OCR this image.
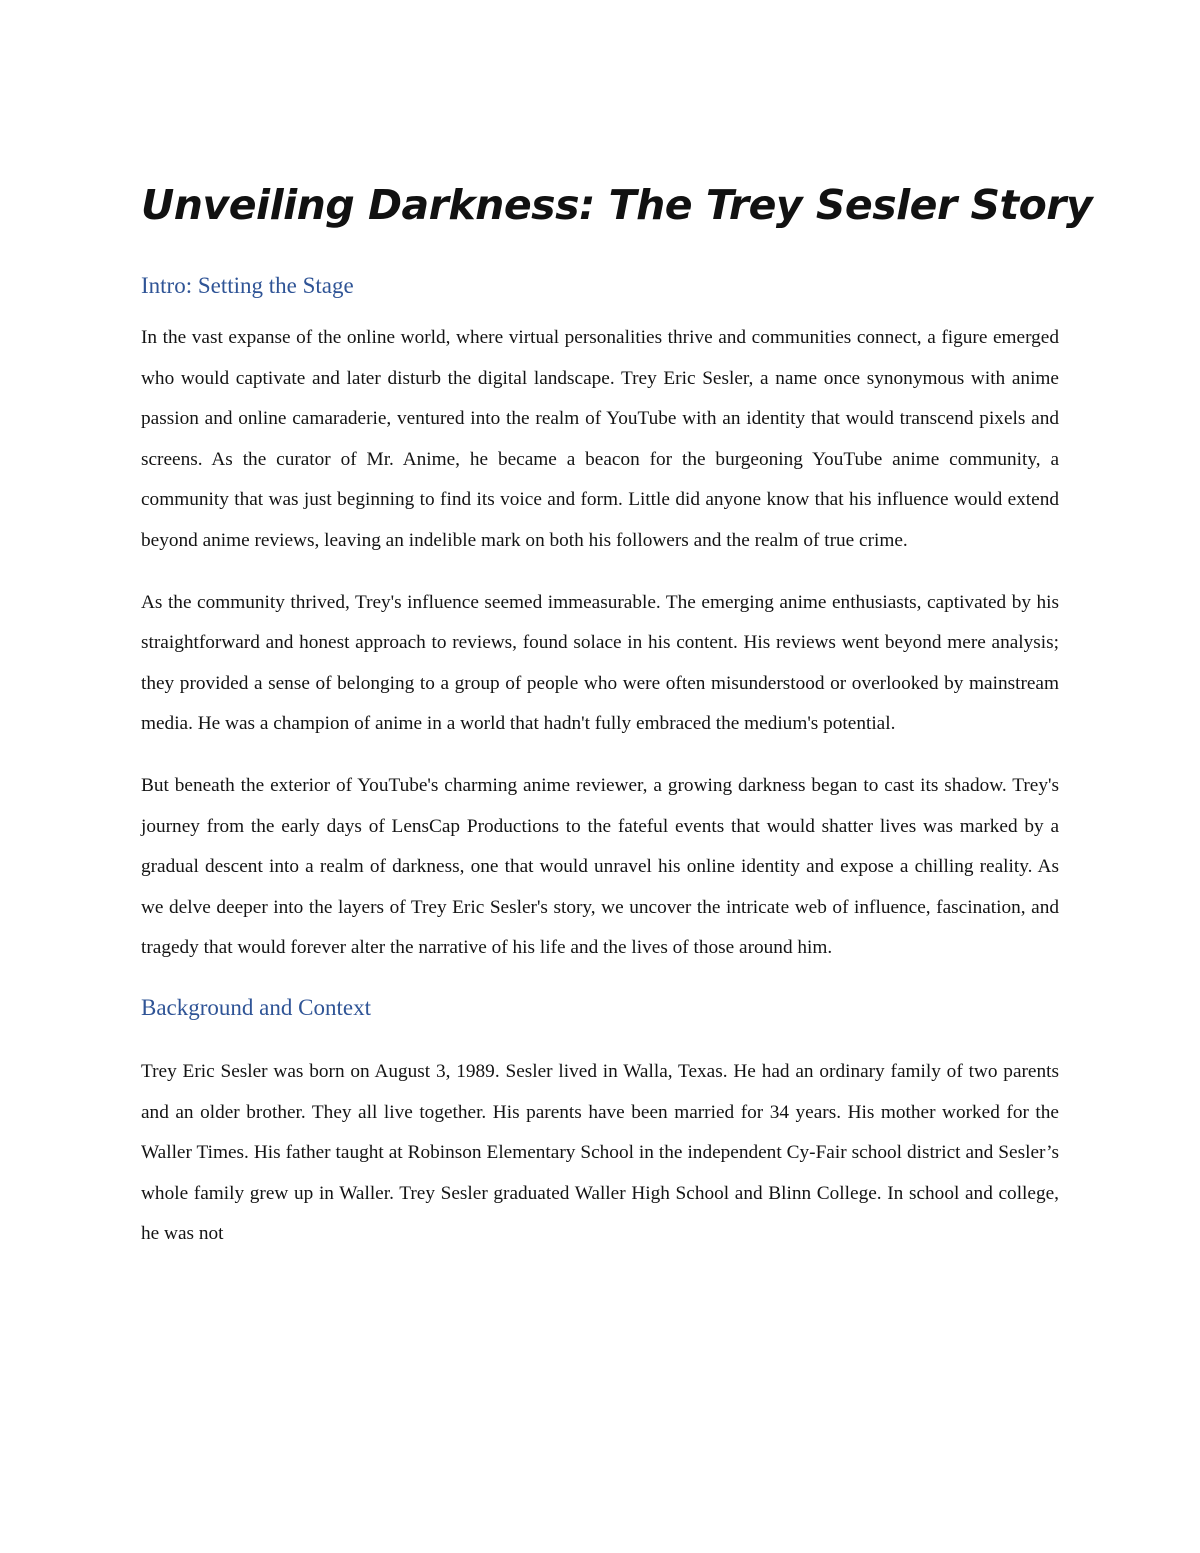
Unveiling Darkness: The Trey Sesler Story
Intro: Setting the Stage

In the vast expanse of the online world, where virtual personalities thrive and communities connect, a figure emerged who would captivate and later disturb the digital landscape. Trey Eric Sesler, a name once synonymous with anime passion and online camaraderie, ventured into the realm of YouTube with an identity that would transcend pixels and screens. As the curator of Mr. Anime, he became a beacon for the burgeoning YouTube anime community, a community that was just beginning to find its voice and form. Little did anyone know that his influence would extend beyond anime reviews, leaving an indelible mark on both his followers and the realm of true crime.

As the community thrived, Trey's influence seemed immeasurable. The emerging anime enthusiasts, captivated by his straightforward and honest approach to reviews, found solace in his content. His reviews went beyond mere analysis; they provided a sense of belonging to a group of people who were often misunderstood or overlooked by mainstream media. He was a champion of anime in a world that hadn't fully embraced the medium's potential.

But beneath the exterior of YouTube's charming anime reviewer, a growing darkness began to cast its shadow. Trey's journey from the early days of LensCap Productions to the fateful events that would shatter lives was marked by a gradual descent into a realm of darkness, one that would unravel his online identity and expose a chilling reality. As we delve deeper into the layers of Trey Eric Sesler's story, we uncover the intricate web of influence, fascination, and tragedy that would forever alter the narrative of his life and the lives of those around him.

Background and Context

Trey Eric Sesler was born on August 3, 1989. Sesler lived in Walla, Texas. He had an ordinary family of two parents and an older brother. They all live together. His parents have been married for 34 years. His mother worked for the Waller Times. His father taught at Robinson Elementary School in the independent Cy-Fair school district and Sesler’s whole family grew up in Waller. Trey Sesler graduated Waller High School and Blinn College. In school and college, he was not
